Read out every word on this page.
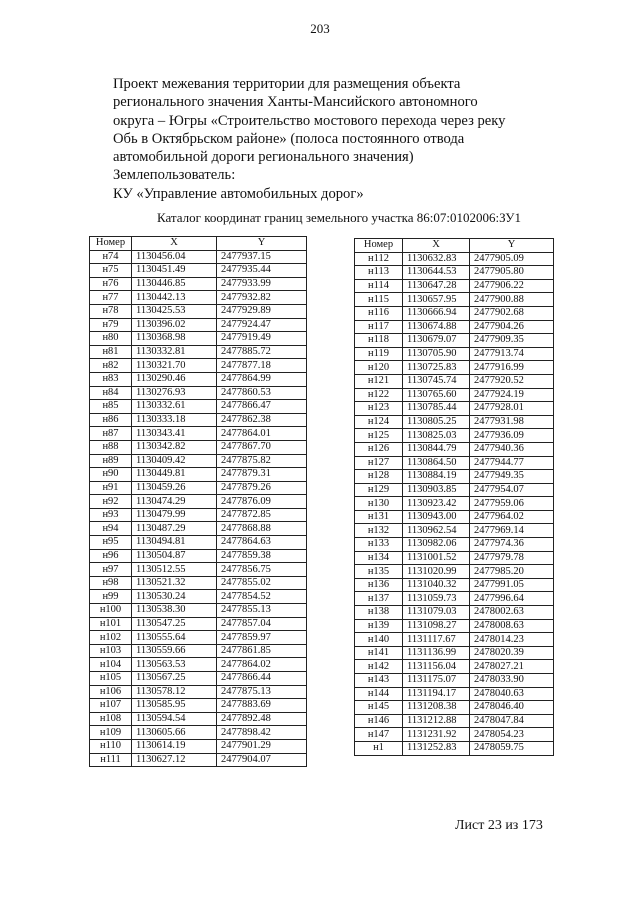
203
Проект межевания территории для размещения объекта
регионального значения Ханты-Мансийского автономного
округа – Югры «Строительство мостового перехода через реку
Обь в Октябрьском районе» (полоса постоянного отвода
автомобильной дороги регионального значения)
Землепользователь:
КУ «Управление автомобильных дорог»
Каталог координат границ земельного участка 86:07:0102006:ЗУ1
Номер	X	Y
н74	1130456.04	2477937.15
н75	1130451.49	2477935.44
н76	1130446.85	2477933.99
н77	1130442.13	2477932.82
н78	1130425.53	2477929.89
н79	1130396.02	2477924.47
н80	1130368.98	2477919.49
н81	1130332.81	2477885.72
н82	1130321.70	2477877.18
н83	1130290.46	2477864.99
н84	1130276.93	2477860.53
н85	1130332.61	2477866.47
н86	1130333.18	2477862.38
н87	1130343.41	2477864.01
н88	1130342.82	2477867.70
н89	1130409.42	2477875.82
н90	1130449.81	2477879.31
н91	1130459.26	2477879.26
н92	1130474.29	2477876.09
н93	1130479.99	2477872.85
н94	1130487.29	2477868.88
н95	1130494.81	2477864.63
н96	1130504.87	2477859.38
н97	1130512.55	2477856.75
н98	1130521.32	2477855.02
н99	1130530.24	2477854.52
н100	1130538.30	2477855.13
н101	1130547.25	2477857.04
н102	1130555.64	2477859.97
н103	1130559.66	2477861.85
н104	1130563.53	2477864.02
н105	1130567.25	2477866.44
н106	1130578.12	2477875.13
н107	1130585.95	2477883.69
н108	1130594.54	2477892.48
н109	1130605.66	2477898.42
н110	1130614.19	2477901.29
н111	1130627.12	2477904.07
Номер	X	Y
н112	1130632.83	2477905.09
н113	1130644.53	2477905.80
н114	1130647.28	2477906.22
н115	1130657.95	2477900.88
н116	1130666.94	2477902.68
н117	1130674.88	2477904.26
н118	1130679.07	2477909.35
н119	1130705.90	2477913.74
н120	1130725.83	2477916.99
н121	1130745.74	2477920.52
н122	1130765.60	2477924.19
н123	1130785.44	2477928.01
н124	1130805.25	2477931.98
н125	1130825.03	2477936.09
н126	1130844.79	2477940.36
н127	1130864.50	2477944.77
н128	1130884.19	2477949.35
н129	1130903.85	2477954.07
н130	1130923.42	2477959.06
н131	1130943.00	2477964.02
н132	1130962.54	2477969.14
н133	1130982.06	2477974.36
н134	1131001.52	2477979.78
н135	1131020.99	2477985.20
н136	1131040.32	2477991.05
н137	1131059.73	2477996.64
н138	1131079.03	2478002.63
н139	1131098.27	2478008.63
н140	1131117.67	2478014.23
н141	1131136.99	2478020.39
н142	1131156.04	2478027.21
н143	1131175.07	2478033.90
н144	1131194.17	2478040.63
н145	1131208.38	2478046.40
н146	1131212.88	2478047.84
н147	1131231.92	2478054.23
н1	1131252.83	2478059.75
Лист 23 из 173
